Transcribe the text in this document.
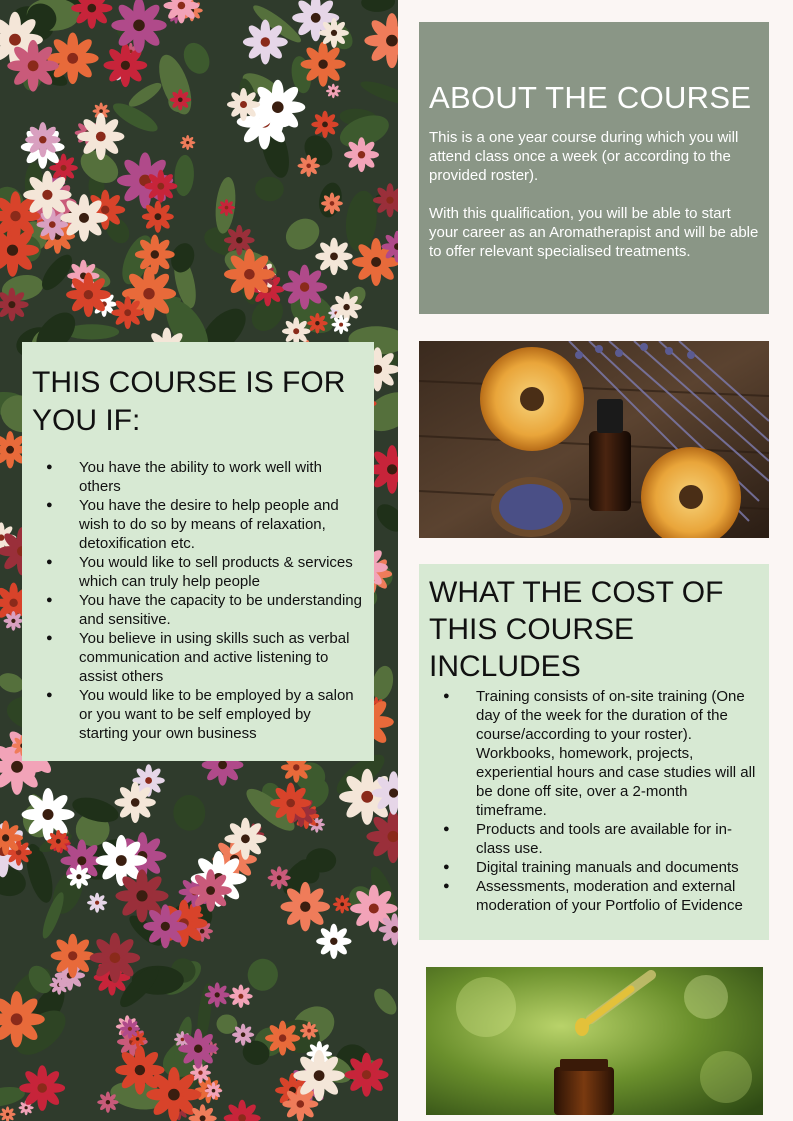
ABOUT THE COURSE

This is a one year course during which you will attend class once a week (or according to the provided roster).

With this qualification, you will be able to start your career as an Aromatherapist and will be able to offer relevant specialised treatments.

THIS COURSE IS FOR YOU IF:
● You have the ability to work well with others
● You have the desire to help people and wish to do so by means of relaxation, detoxification etc.
● You would like to sell products & services which can truly help people
● You have the capacity to be understanding and sensitive.
● You believe in using skills such as verbal communication and active listening to assist others
● You would like to be employed by a salon or you want to be self employed by starting your own business
WHAT THE COST OF THIS COURSE INCLUDES
● Training consists of on-site training (One day of the week for the duration of the course/according to your roster). Workbooks, homework, projects, experiential hours and case studies will all be done off site, over a 2-month timeframe.
● Products and tools are available for in-class use.
● Digital training manuals and documents
● Assessments, moderation and external moderation of your Portfolio of Evidence
